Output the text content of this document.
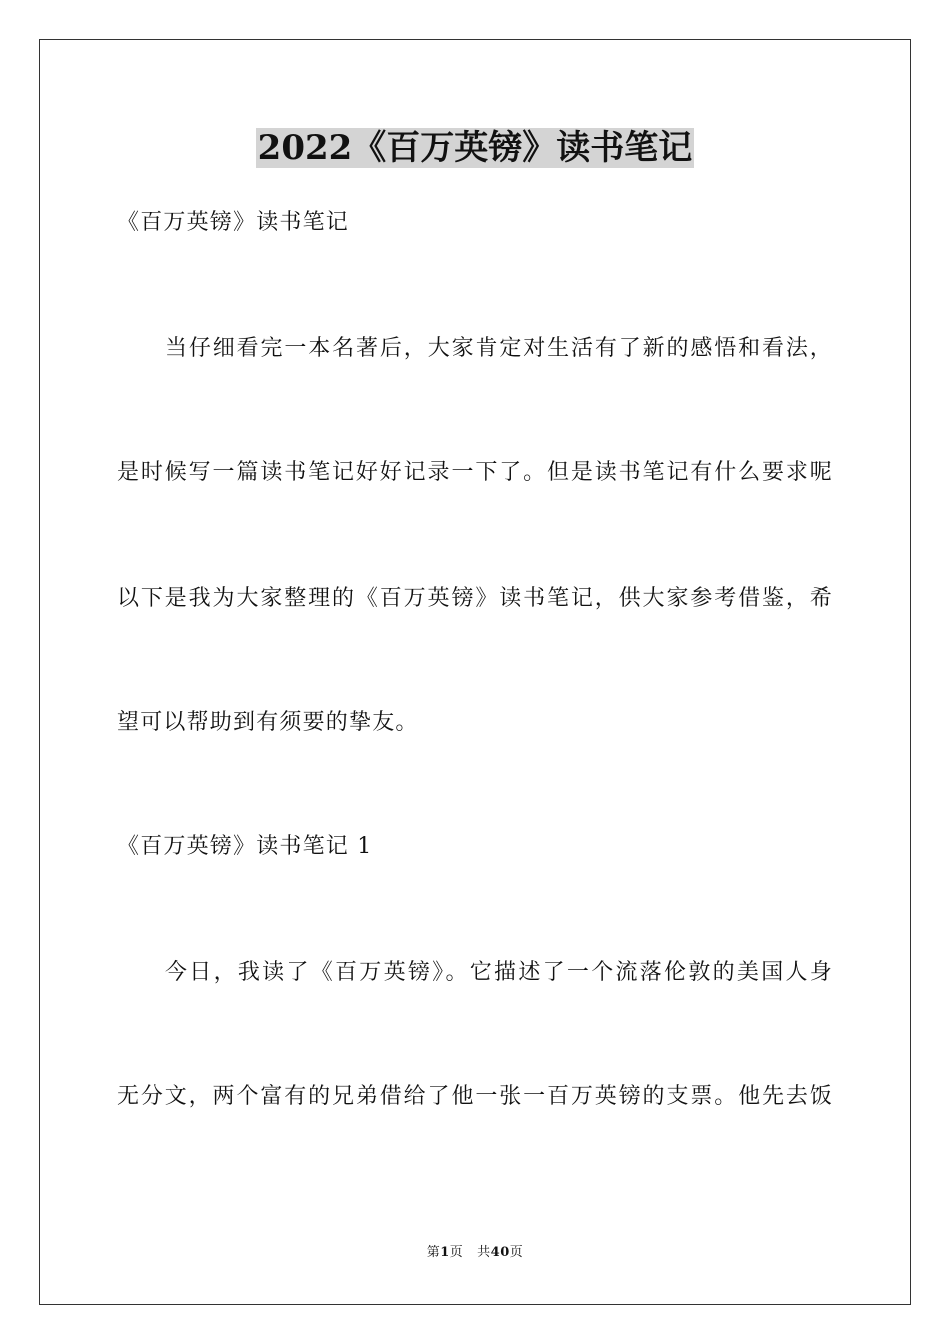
2022《百万英镑》读书笔记

《百万英镑》读书笔记

当仔细看完一本名著后，大家肯定对生活有了新的感悟和看法，

是时候写一篇读书笔记好好记录一下了。但是读书笔记有什么要求呢

以下是我为大家整理的《百万英镑》读书笔记，供大家参考借鉴，希

望可以帮助到有须要的挚友。

《百万英镑》读书笔记 1

今日，我读了《百万英镑》。它描述了一个流落伦敦的美国人身

无分文，两个富有的兄弟借给了他一张一百万英镑的支票。他先去饭

第1页   共40页
